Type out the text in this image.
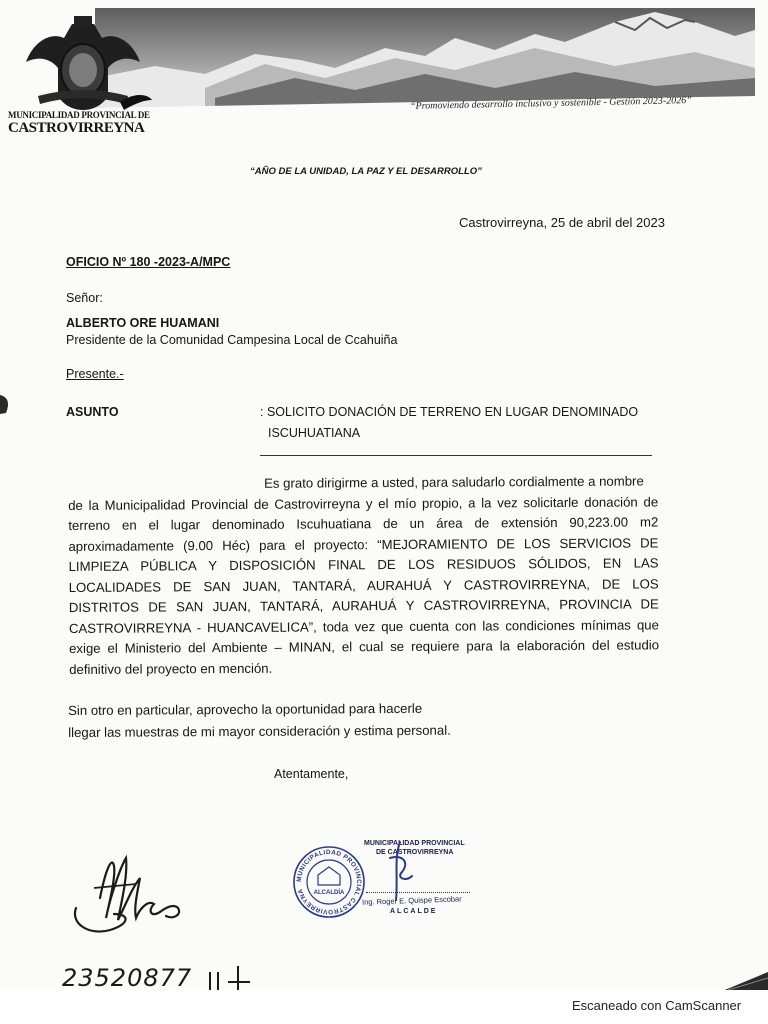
MUNICIPALIDAD PROVINCIAL DE
CASTROVIRREYNA
“Promoviendo desarrollo inclusivo y sostenible - Gestión 2023-2026”
“AÑO DE LA UNIDAD, LA PAZ Y EL DESARROLLO”
Castrovirreyna, 25 de abril del 2023
OFICIO Nº 180 -2023-A/MPC
Señor:
ALBERTO ORE HUAMANI
Presidente de la Comunidad Campesina Local de Ccahuiña
Presente.-
ASUNTO	: SOLICITO DONACIÓN DE TERRENO EN LUGAR DENOMINADO
ISCUHUATIANA
Es grato dirigirme a usted, para saludarlo cordialmente a nombre
de la Municipalidad Provincial de Castrovirreyna y el mío propio, a la vez solicitarle donación de
terreno en el lugar denominado Iscuhuatiana de un área de extensión 90,223.00 m2
aproximadamente (9.00 Héc) para el proyecto: “MEJORAMIENTO DE LOS SERVICIOS DE
LIMPIEZA PÚBLICA Y DISPOSICIÓN FINAL DE LOS RESIDUOS SÓLIDOS, EN LAS
LOCALIDADES DE SAN JUAN, TANTARÁ, AURAHUÁ Y CASTROVIRREYNA, DE LOS
DISTRITOS DE SAN JUAN, TANTARÁ, AURAHUÁ Y CASTROVIRREYNA, PROVINCIA DE
CASTROVIRREYNA - HUANCAVELICA”, toda vez que cuenta con las condiciones mínimas que
exige el Ministerio del Ambiente – MINAN, el cual se requiere para la elaboración del estudio
definitivo del proyecto en mención.
Sin otro en particular, aprovecho la oportunidad para hacerle
llegar las muestras de mi mayor consideración y estima personal.
Atentamente,
MUNICIPALIDAD PROVINCIAL CASTROVIRREYNA	ALCALDÍA
MUNICIPALIDAD PROVINCIAL
DE CASTROVIRREYNA
Ing. Roger E. Quispe Escobar
ALCALDE
23520877
Escaneado con CamScanner
